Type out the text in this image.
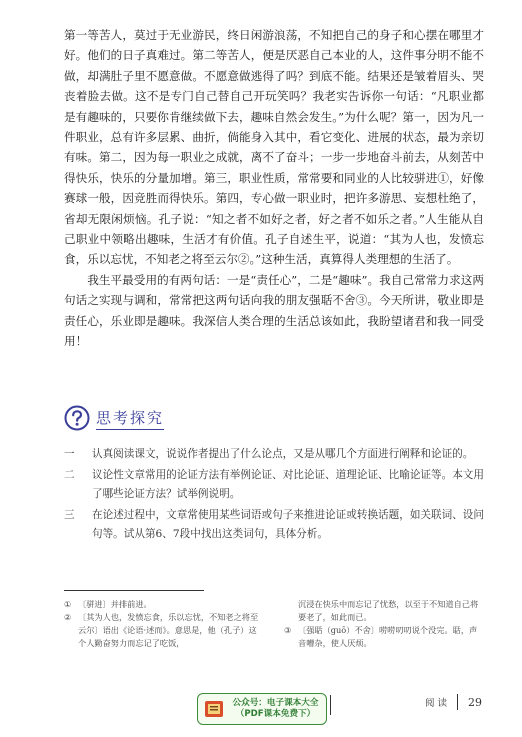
第一等苦人，莫过于无业游民，终日闲游浪荡，不知把自己的身子和心摆在哪里才好。他们的日子真难过。第二等苦人，便是厌恶自己本业的人，这件事分明不能不做，却满肚子里不愿意做。不愿意做逃得了吗？到底不能。结果还是皱着眉头、哭丧着脸去做。这不是专门自己替自己开玩笑吗？我老实告诉你一句话：“凡职业都是有趣味的，只要你肯继续做下去，趣味自然会发生。”为什么呢？第一，因为凡一件职业，总有许多层累、曲折，倘能身入其中，看它变化、进展的状态，最为亲切有味。第二，因为每一职业之成就，离不了奋斗；一步一步地奋斗前去，从刻苦中得快乐，快乐的分量加增。第三，职业性质，常常要和同业的人比较骈进①，好像赛球一般，因竞胜而得快乐。第四，专心做一职业时，把许多游思、妄想杜绝了，省却无限闲烦恼。孔子说：“知之者不如好之者，好之者不如乐之者。”人生能从自己职业中领略出趣味，生活才有价值。孔子自述生平，说道：“其为人也，发愤忘食，乐以忘忧，不知老之将至云尔②。”这种生活，真算得人类理想的生活了。

我生平最受用的有两句话：一是“责任心”，二是“趣味”。我自己常常力求这两句话之实现与调和，常常把这两句话向我的朋友强聒不舍③。今天所讲，敬业即是责任心，乐业即是趣味。我深信人类合理的生活总该如此，我盼望诸君和我一同受用！

思考探究
一	认真阅读课文，说说作者提出了什么论点，又是从哪几个方面进行阐释和论证的。
二	议论性文章常用的论证方法有举例论证、对比论证、道理论证、比喻论证等。本文用了哪些论证方法？试举例说明。
三	在论述过程中，文章常使用某些词语或句子来推进论证或转换话题，如关联词、设问句等。试从第6、7段中找出这类词句，具体分析。
① 〔骈进〕并排前进。
② 〔其为人也，发愤忘食，乐以忘忧，不知老之将至云尔〕语出《论语·述而》。意思是，他（孔子）这个人勤奋努力而忘记了吃饭，
沉浸在快乐中而忘记了忧愁，以至于不知道自己将要老了，如此而已。
③ 〔强聒（guō）不舍〕唠唠叨叨说个没完。聒，声音嘈杂，使人厌烦。
公众号：电子课本大全
（PDF课本免费下）
阅 读 29
